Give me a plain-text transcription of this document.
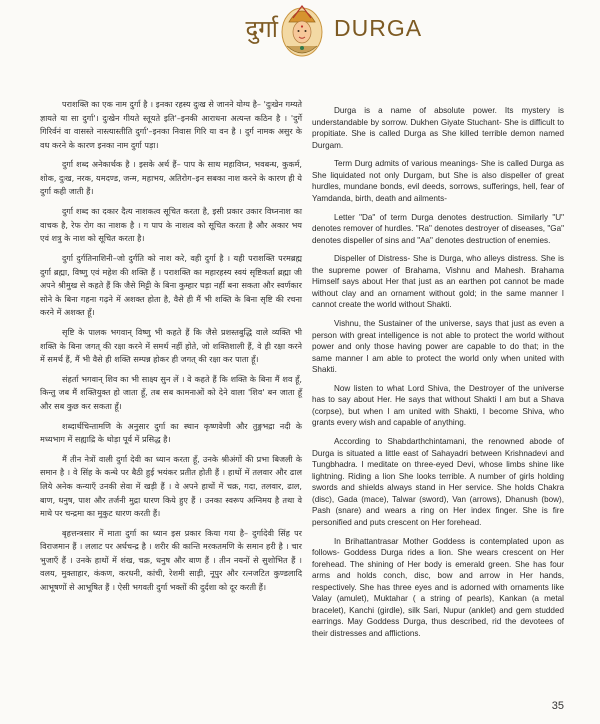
दुर्गा DURGA

पराशक्ति का एक नाम दुर्गा है । इनका रहस्य दुःख से जानने योग्य है– 'दुःखेन गम्यते ज्ञायते या सा दुर्गा'। दुःखेन गीयते स्तूयते इति'–इनकी आराधना अत्यन्त कठिन है । 'दुर्गे गिरिर्वनं वा वासस्ते नास्त्यास्तीति दुर्गा'–इनका निवास गिरि या वन है । दुर्ग नामक असुर के वध करने के कारण इनका नाम दुर्गा पड़ा।

दुर्गा शब्द अनेकार्थक है । इसके अर्थ हैं– पाप के साथ महाविघ्न, भवबन्ध, कुकर्म, शोक, दुःख, नरक, यमदण्ड, जन्म, महाभय, अतिरोग–इन सबका नाश करने के कारण ही ये दुर्गा कही जाती हैं।

दुर्गा शब्द का दकार दैत्य नाशकत्व सूचित करता है, इसी प्रकार उकार विघ्ननाश का वाचक है, रेफ रोग का नाशक है । ग पाप के नाशत्व को सूचित करता है और अकार भय एवं शत्रु के नाश को सूचित करता है।

दुर्गा दुर्गतिनाशिनी–जो दुर्गति को नाश करे, वही दुर्गा है । यही पराशक्ति परमब्रह्म दुर्गा ब्रह्मा, विष्णु एवं महेश की शक्ति हैं । पराशक्ति का महारहस्य स्वयं सृष्टिकर्ता ब्रह्मा जी अपने श्रीमुख से कहते हैं कि जैसे मिट्टी के बिना कुम्हार घड़ा नहीं बना सकता और स्वर्णकार सोने के बिना गहना गढ़ने में अशक्त होता है, वैसे ही मैं भी शक्ति के बिना सृष्टि की रचना करने में अशक्त हूँ।

सृष्टि के पालक भगवान् विष्णु भी कहते हैं कि जैसे प्रशस्तबुद्धि वाले व्यक्ति भी शक्ति के बिना जगत् की रक्षा करने में समर्थ नहीं होते, जो शक्तिशाली हैं, वे ही रक्षा करने में समर्थ हैं, मैं भी वैसे ही शक्ति सम्पन्न होकर ही जगत् की रक्षा कर पाता हूँ।

संहर्ता भगवान् शिव का भी साक्ष्य सुन लें । वे कहते हैं कि शक्ति के बिना मैं शव हूँ, किन्तु जब मैं शक्तियुक्त हो जाता हूँ, तब सब कामनाओं को देने वाला 'शिव' बन जाता हूँ और सब कुछ कर सकता हूँ।

शब्दार्थचिन्तामणि के अनुसार दुर्गा का स्थान कृष्णवेणी और तुङ्गभद्रा नदी के मध्यभाग में सह्याद्रि के थोड़ा पूर्व में प्रसिद्ध है।

मैं तीन नेत्रों वाली दुर्गा देवी का ध्यान करता हूँ, उनके श्रीअंगों की प्रभा बिजली के समान है । वे सिंह के कन्धे पर बैठी हुई भयंकर प्रतीत होती हैं । हाथों में तलवार और ढाल लिये अनेक कन्याएँ उनकी सेवा में खड़ी हैं । वे अपने हाथों में चक्र, गदा, तलवार, ढाल, बाण, धनुष, पाश और तर्जनी मुद्रा धारण किये हुए हैं । उनका स्वरूप अग्निमय है तथा वे माथे पर चन्द्रमा का मुकुट धारण करती हैं।

बृहत्तन्त्रसार में माता दुर्गा का ध्यान इस प्रकार किया गया है– दुर्गादेवी सिंह पर विराजमान हैं । ललाट पर अर्धचन्द्र है । शरीर की कान्ति मरकतमणि के समान हरी है । चार भुजाएँ हैं । उनके हाथों में शंख, चक्र, धनुष और बाण हैं । तीन नयनों से सुशोभित हैं । वलय, मुक्ताहार, कंकण, करधनी, कांची, रेशमी साड़ी, नूपुर और रत्नजटित कुण्डलादि आभूषणों से आभूषित हैं । ऐसी भगवती दुर्गा भक्तों की दुर्दशा को दूर करती हैं।

Durga is a name of absolute power. Its mystery is understandable by sorrow. Dukhen Giyate Stuchant- She is difficult to propitiate. She is called Durga as She killed terrible demon named Durgam.

Term Durg admits of various meanings- She is called Durga as She liquidated not only Durgam, but She is also dispeller of great hurdles, mundane bonds, evil deeds, sorrows, sufferings, hell, fear of Yamdanda, birth, death and ailments-

Letter "Da" of term Durga denotes destruction. Similarly "U" denotes remover of hurdles. "Ra" denotes destroyer of diseases, "Ga" denotes dispeller of sins and "Aa" denotes destruction of enemies.

Dispeller of Distress- She is Durga, who alleys distress. She is the supreme power of Brahama, Vishnu and Mahesh. Brahama Himself says about Her that just as an earthen pot cannot be made without clay and an ornament without gold; in the same manner I cannot create the world without Shakti.

Vishnu, the Sustainer of the universe, says that just as even a person with great intelligence is not able to protect the world without power and only those having power are capable to do that; in the same manner I am able to protect the world only when united with Shakti.

Now listen to what Lord Shiva, the Destroyer of the universe has to say about Her. He says that without Shakti I am but a Shava (corpse), but when I am united with Shakti, I become Shiva, who grants every wish and capable of anything.

According to Shabdarthchintamani, the renowned abode of Durga is situated a little east of Sahayadri between Krishnadevi and Tungbhadra. I meditate on three-eyed Devi, whose limbs shine like lightning. Riding a lion She looks terrible. A number of girls holding swords and shields always stand in Her service. She holds Chakra (disc), Gada (mace), Talwar (sword), Van (arrows), Dhanush (bow), Pash (snare) and wears a ring on Her index finger. She is fire personified and puts crescent on Her forehead.

In Brihattantrasar Mother Goddess is contemplated upon as follows- Goddess Durga rides a lion. She wears crescent on Her forehead. The shining of Her body is emerald green. She has four arms and holds conch, disc, bow and arrow in Her hands, respectively. She has three eyes and is adorned with ornaments like Valay (amulet), Muktahar ( a string of pearls), Kankan (a metal bracelet), Kanchi (girdle), silk Sari, Nupur (anklet) and gem studded earrings. May Goddess Durga, thus described, rid the devotees of their distresses and afflictions.

35
